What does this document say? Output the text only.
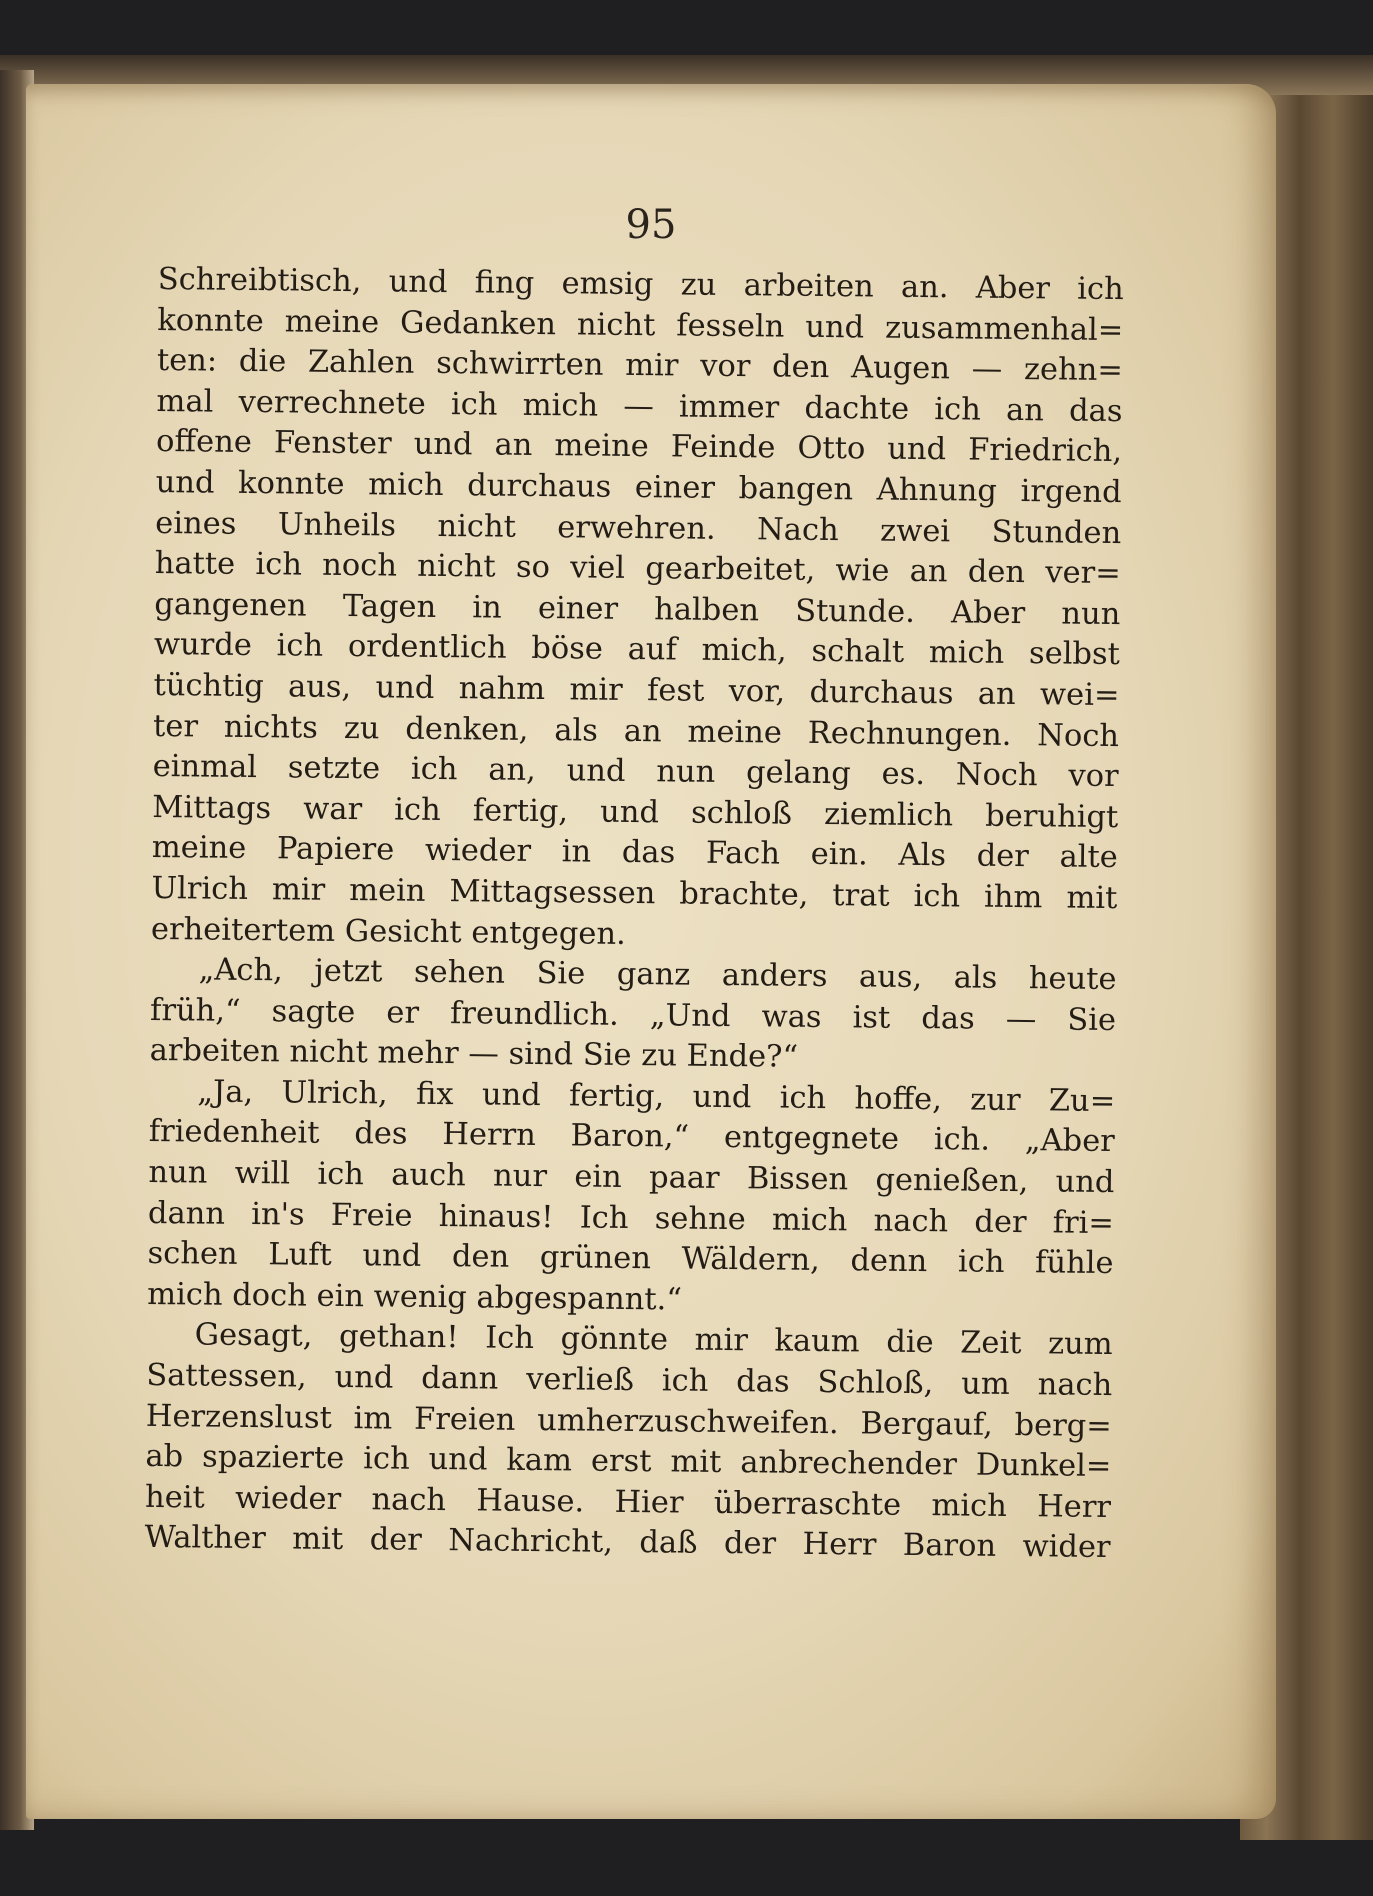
95
Schreibtisch, und fing emsig zu arbeiten an. Aber ich
konnte meine Gedanken nicht fesseln und zusammenhal=
ten: die Zahlen schwirrten mir vor den Augen — zehn=
mal verrechnete ich mich — immer dachte ich an das
offene Fenster und an meine Feinde Otto und Friedrich,
und konnte mich durchaus einer bangen Ahnung irgend
eines Unheils nicht erwehren. Nach zwei Stunden
hatte ich noch nicht so viel gearbeitet, wie an den ver=
gangenen Tagen in einer halben Stunde. Aber nun
wurde ich ordentlich böse auf mich, schalt mich selbst
tüchtig aus, und nahm mir fest vor, durchaus an wei=
ter nichts zu denken, als an meine Rechnungen. Noch
einmal setzte ich an, und nun gelang es. Noch vor
Mittags war ich fertig, und schloß ziemlich beruhigt
meine Papiere wieder in das Fach ein. Als der alte
Ulrich mir mein Mittagsessen brachte, trat ich ihm mit
erheitertem Gesicht entgegen.
„Ach, jetzt sehen Sie ganz anders aus, als heute
früh,“ sagte er freundlich. „Und was ist das — Sie
arbeiten nicht mehr — sind Sie zu Ende?“
„Ja, Ulrich, fix und fertig, und ich hoffe, zur Zu=
friedenheit des Herrn Baron,“ entgegnete ich. „Aber
nun will ich auch nur ein paar Bissen genießen, und
dann in's Freie hinaus! Ich sehne mich nach der fri=
schen Luft und den grünen Wäldern, denn ich fühle
mich doch ein wenig abgespannt.“
Gesagt, gethan! Ich gönnte mir kaum die Zeit zum
Sattessen, und dann verließ ich das Schloß, um nach
Herzenslust im Freien umherzuschweifen. Bergauf, berg=
ab spazierte ich und kam erst mit anbrechender Dunkel=
heit wieder nach Hause. Hier überraschte mich Herr
Walther mit der Nachricht, daß der Herr Baron wider
